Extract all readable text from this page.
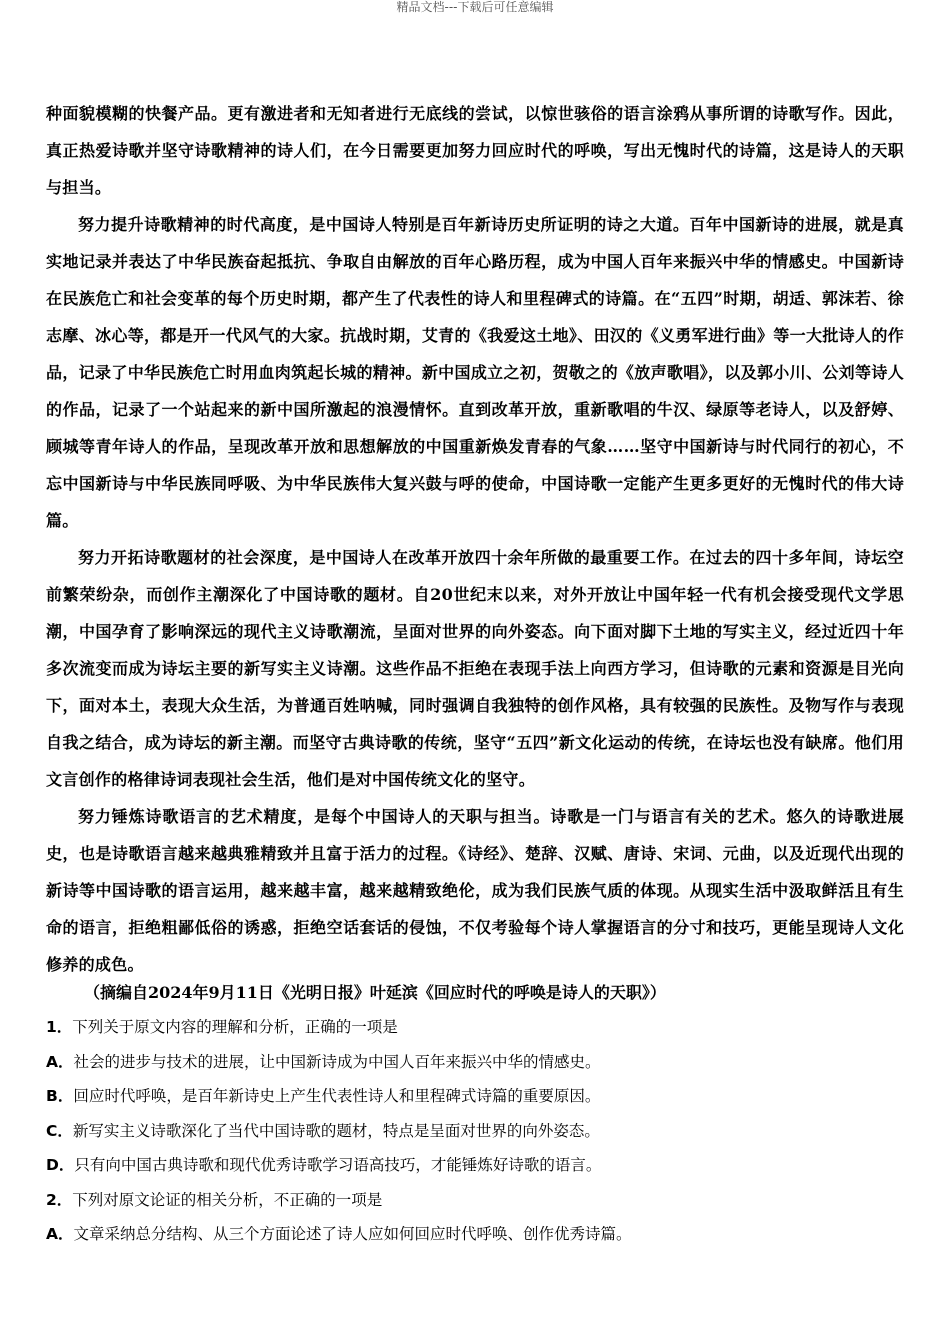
精品文档---下载后可任意编辑

种面貌模糊的快餐产品。更有激进者和无知者进行无底线的尝试，以惊世骇俗的语言涂鸦从事所谓的诗歌写作。因此，真正热爱诗歌并坚守诗歌精神的诗人们，在今日需要更加努力回应时代的呼唤，写出无愧时代的诗篇，这是诗人的天职与担当。

努力提升诗歌精神的时代高度，是中国诗人特别是百年新诗历史所证明的诗之大道。百年中国新诗的进展，就是真实地记录并表达了中华民族奋起抵抗、争取自由解放的百年心路历程，成为中国人百年来振兴中华的情感史。中国新诗在民族危亡和社会变革的每个历史时期，都产生了代表性的诗人和里程碑式的诗篇。在“五四”时期，胡适、郭沫若、徐志摩、冰心等，都是开一代风气的大家。抗战时期，艾青的《我爱这土地》、田汉的《义勇军进行曲》等一大批诗人的作品，记录了中华民族危亡时用血肉筑起长城的精神。新中国成立之初，贺敬之的《放声歌唱》，以及郭小川、公刘等诗人的作品，记录了一个站起来的新中国所激起的浪漫情怀。直到改革开放，重新歌唱的牛汉、绿原等老诗人，以及舒婷、顾城等青年诗人的作品，呈现改革开放和思想解放的中国重新焕发青春的气象……坚守中国新诗与时代同行的初心，不忘中国新诗与中华民族同呼吸、为中华民族伟大复兴鼓与呼的使命，中国诗歌一定能产生更多更好的无愧时代的伟大诗篇。

努力开拓诗歌题材的社会深度，是中国诗人在改革开放四十余年所做的最重要工作。在过去的四十多年间，诗坛空前繁荣纷杂，而创作主潮深化了中国诗歌的题材。自20世纪末以来，对外开放让中国年轻一代有机会接受现代文学思潮，中国孕育了影响深远的现代主义诗歌潮流，呈面对世界的向外姿态。向下面对脚下土地的写实主义，经过近四十年多次流变而成为诗坛主要的新写实主义诗潮。这些作品不拒绝在表现手法上向西方学习，但诗歌的元素和资源是目光向下，面对本土，表现大众生活，为普通百姓呐喊，同时强调自我独特的创作风格，具有较强的民族性。及物写作与表现自我之结合，成为诗坛的新主潮。而坚守古典诗歌的传统，坚守“五四”新文化运动的传统，在诗坛也没有缺席。他们用文言创作的格律诗词表现社会生活，他们是对中国传统文化的坚守。

努力锤炼诗歌语言的艺术精度，是每个中国诗人的天职与担当。诗歌是一门与语言有关的艺术。悠久的诗歌进展史，也是诗歌语言越来越典雅精致并且富于活力的过程。《诗经》、楚辞、汉赋、唐诗、宋词、元曲，以及近现代出现的新诗等中国诗歌的语言运用，越来越丰富，越来越精致绝伦，成为我们民族气质的体现。从现实生活中汲取鲜活且有生命的语言，拒绝粗鄙低俗的诱惑，拒绝空话套话的侵蚀，不仅考验每个诗人掌握语言的分寸和技巧，更能呈现诗人文化修养的成色。

（摘编自2024年9月11日《光明日报》叶延滨《回应时代的呼唤是诗人的天职》）
1．下列关于原文内容的理解和分析，正确的一项是
A．社会的进步与技术的进展，让中国新诗成为中国人百年来振兴中华的情感史。
B．回应时代呼唤，是百年新诗史上产生代表性诗人和里程碑式诗篇的重要原因。
C．新写实主义诗歌深化了当代中国诗歌的题材，特点是呈面对世界的向外姿态。
D．只有向中国古典诗歌和现代优秀诗歌学习语高技巧，才能锤炼好诗歌的语言。
2．下列对原文论证的相关分析，不正确的一项是
A．文章采纳总分结构、从三个方面论述了诗人应如何回应时代呼唤、创作优秀诗篇。
